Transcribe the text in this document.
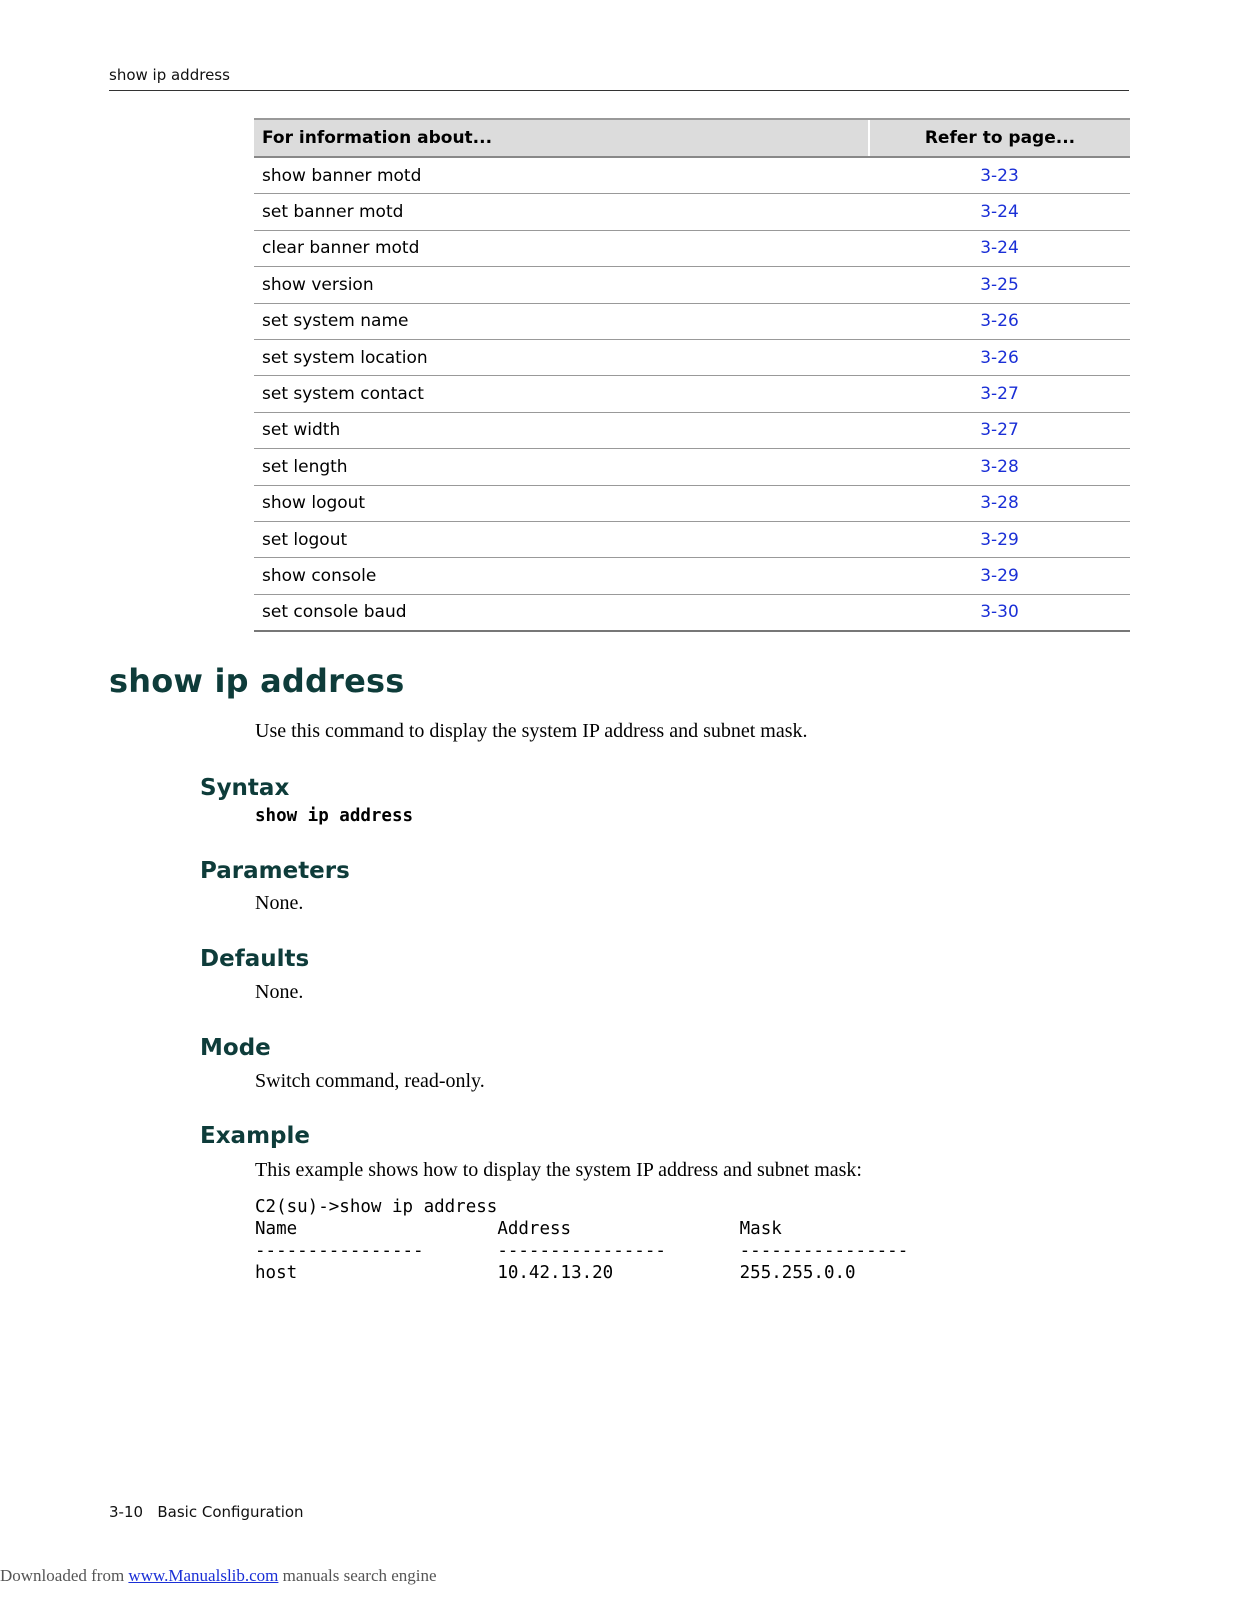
show ip address
For information about...	Refer to page...
show banner motd	3-23
set banner motd	3-24
clear banner motd	3-24
show version	3-25
set system name	3-26
set system location	3-26
set system contact	3-27
set width	3-27
set length	3-28
show logout	3-28
set logout	3-29
show console	3-29
set console baud	3-30
show ip address

Use this command to display the system IP address and subnet mask.

Syntax

show ip address

Parameters

None.

Defaults

None.

Mode

Switch command, read-only.

Example

This example shows how to display the system IP address and subnet mask:

C2(su)->show ip address
Name                   Address                Mask
----------------       ----------------       ----------------
host                   10.42.13.20            255.255.0.0
3-10 Basic Configuration
Downloaded from www.Manualslib.com manuals search engine
